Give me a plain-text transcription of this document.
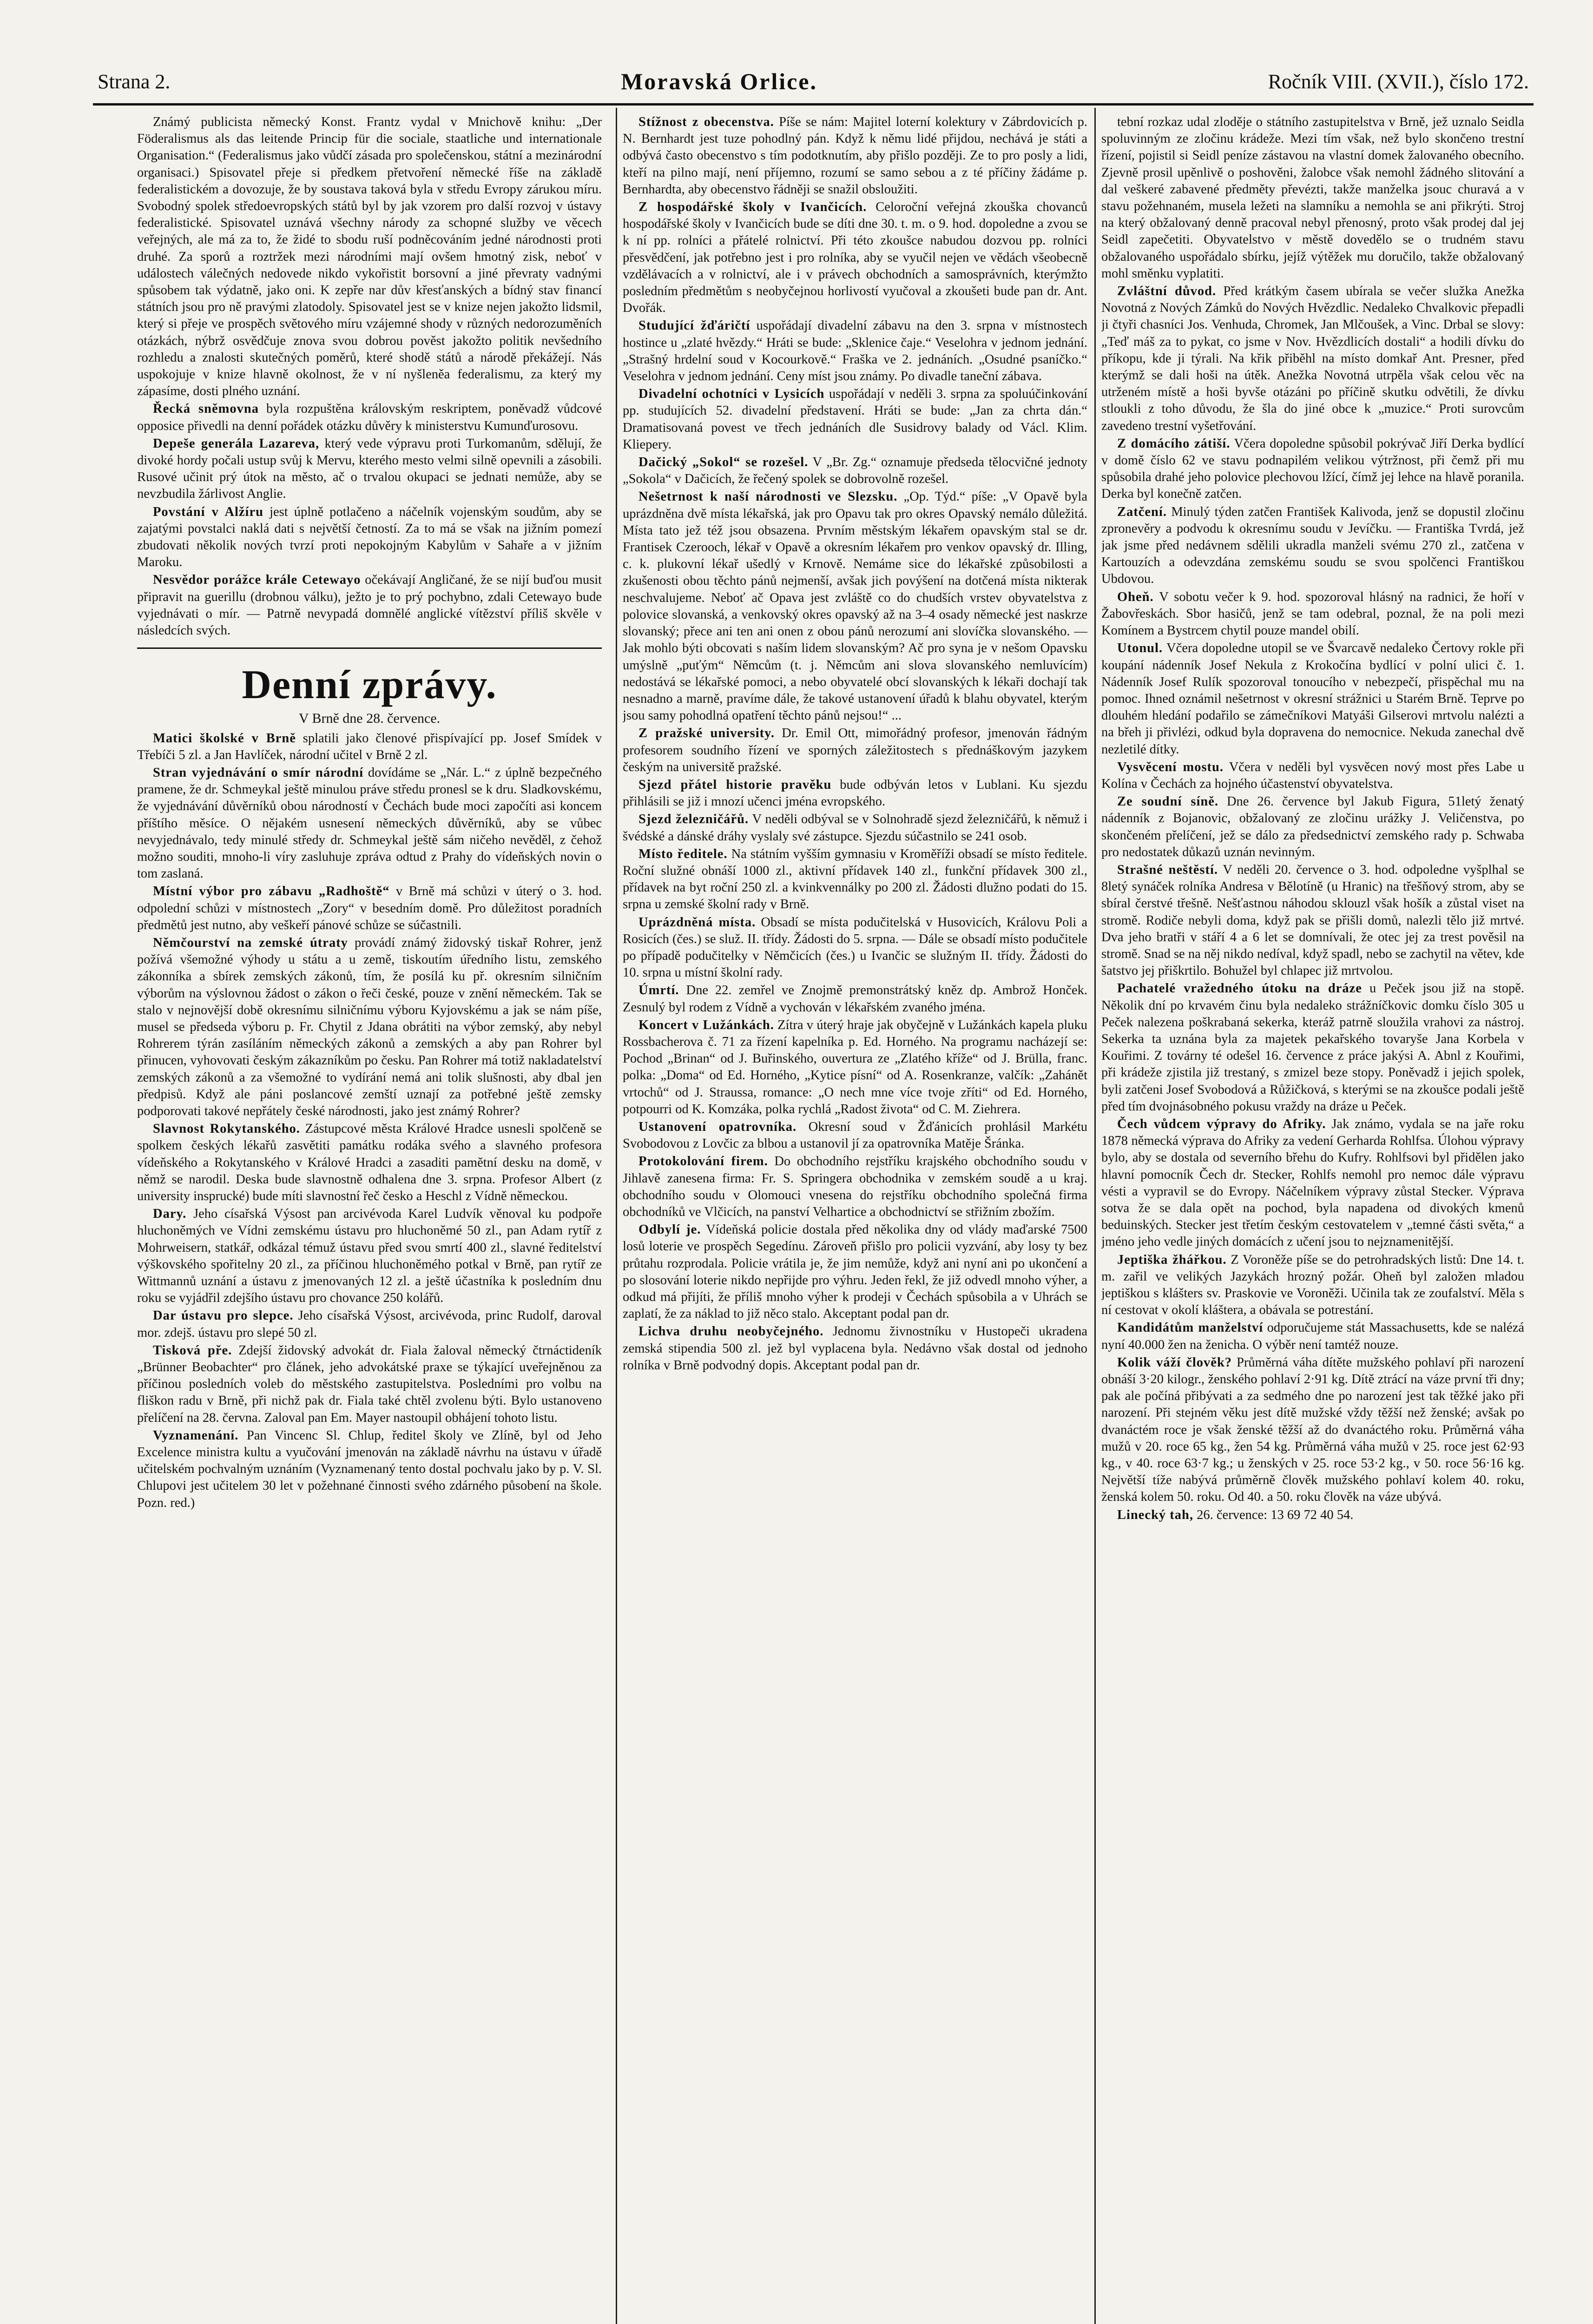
Strana 2.	Moravská Orlice.	Ročník VIII. (XVII.), číslo 172.

Známý publicista německý Konst. Frantz vydal v Mnichově knihu: „Der Föderalismus als das leitende Princip für die sociale, staatliche und internationale Organisation.“ (Federalismus jako vůdčí zásada pro společenskou, státní a mezinárodní organisaci.) Spisovatel přeje si předkem přetvoření německé říše na základě federalistickém a dovozuje, že by soustava taková byla v středu Evropy zárukou míru. Svobodný spolek středoevropských států byl by jak vzorem pro další rozvoj v ústavy federalistické. Spisovatel uznává všechny národy za schopné služby ve věcech veřejných, ale má za to, že židé to sbodu ruší podněcováním jedné národnosti proti druhé. Za sporů a roztržek mezi národními mají ovšem hmotný zisk, neboť v událostech válečných nedovede nikdo vykořistit borsovní a jiné převraty vadnými spůsobem tak výdatně, jako oni. K zepře nar dův křesťanských a bídný stav financí státních jsou pro ně pravými zlatodoly. Spisovatel jest se v knize nejen jakožto lidsmil, který si přeje ve prospěch světového míru vzájemné shody v různých nedorozuměních otázkách, nýbrž osvědčuje znova svou dobrou pověst jakožto politik nevšedního rozhledu a znalosti skutečných poměrů, které shodě států a národě překážejí. Nás uspokojuje v knize hlavně okolnost, že v ní nyšleněa federalismu, za který my zápasíme, dosti plného uznání.

Řecká sněmovna byla rozpuštěna královským reskriptem, poněvadž vůdcové opposice přivedli na denní pořádek otázku důvěry k ministerstvu Kumunďurosovu.

Depeše generála Lazareva, který vede výpravu proti Turkomanům, sdělují, že divoké hordy počali ustup svůj k Mervu, kterého mesto velmi silně opevnili a zásobili. Rusové učinit prý útok na město, ač o trvalou okupaci se jednati nemůže, aby se nevzbudila žárlivost Anglie.

Povstání v Alžíru jest úplně potlačeno a náčelník vojenským soudům, aby se zajatými povstalci naklá dati s největší četností. Za to má se však na jižním pomezí zbudovati několik nových tvrzí proti nepokojným Kabylům v Sahaře a v jižním Maroku.

Nesvědor porážce krále Cetewayo očekávají Angličané, že se nijí buďou musit připravit na guerillu (drobnou válku), ježto je to prý pochybno, zdali Cetewayo bude vyjednávati o mír. — Patrně nevypadá domnělé anglické vítězství příliš skvěle v následcích svých.

Denní zprávy.
V Brně dne 28. července.

Matici školské v Brně splatili jako členové přispívající pp. Josef Smídek v Třebíči 5 zl. a Jan Havlíček, národní učitel v Brně 2 zl.

Stran vyjednávání o smír národní dovídáme se „Nár. L.“ z úplně bezpečného pramene, že dr. Schmeykal ještě minulou práve středu pronesl se k dru. Sladkovskému, že vyjednávání důvěrníků obou národností v Čechách bude moci započíti asi koncem příštího měsíce. O nějakém usnesení německých důvěrníků, aby se vůbec nevyjednávalo, tedy minulé středy dr. Schmeykal ještě sám ničeho nevěděl, z čehož možno souditi, mnoho-li víry zasluhuje zpráva odtud z Prahy do vídeňských novin o tom zaslaná.

Místní výbor pro zábavu „Radhoště“ v Brně má schůzi v úterý o 3. hod. odpolední schůzi v místnostech „Zory“ v besedním domě. Pro důležitost poradních předmětů jest nutno, aby veškeří pánové schůze se súčastnili.

Němčourství na zemské útraty provádí známý židovský tiskař Rohrer, jenž požívá všemožné výhody u státu a u země, tiskoutím úředního listu, zemského zákonníka a sbírek zemských zákonů, tím, že posílá ku př. okresním silničním výborům na výslovnou žádost o zákon o řeči české, pouze v znění německém. Tak se stalo v nejnovější době okresnímu silničnímu výboru Kyjovskému a jak se nám píše, musel se předseda výboru p. Fr. Chytil z Jdana obrátiti na výbor zemský, aby nebyl Rohrerem týrán zasíláním německých zákonů a zemských a aby pan Rohrer byl přinucen, vyhovovati českým zákazníkům po česku. Pan Rohrer má totiž nakladatelství zemských zákonů a za všemožné to vydírání nemá ani tolik slušnosti, aby dbal jen předpisů. Když ale páni poslancové zemští uznají za potřebné ještě zemsky podporovati takové nepřátely české národnosti, jako jest známý Rohrer?

Slavnost Rokytanského. Zástupcové města Králové Hradce usnesli spolčeně se spolkem českých lékařů zasvětiti památku rodáka svého a slavného profesora vídeňského a Rokytanského v Králové Hradci a zasaditi pamětní desku na domě, v němž se narodil. Deska bude slavnostně odhalena dne 3. srpna. Profesor Albert (z university insprucké) bude míti slavnostní řeč česko a Heschl z Vídně německou.

Dary. Jeho císařská Výsost pan arcivévoda Karel Ludvík věnoval ku podpoře hluchoněmých ve Vídni zemskému ústavu pro hluchoněmé 50 zl., pan Adam rytíř z Mohrweisern, statkář, odkázal témuž ústavu před svou smrtí 400 zl., slavné ředitelství výškovského spořitelny 20 zl., za příčinou hluchoněmého potkal v Brně, pan rytíř ze Wittmannů uznání a ústavu z jmenovaných 12 zl. a ještě účastníka k posledním dnu roku se vyjádřil zdejšího ústavu pro chovance 250 kolářů.

Dar ústavu pro slepce. Jeho císařská Výsost, arcivévoda, princ Rudolf, daroval mor. zdejš. ústavu pro slepé 50 zl.

Tisková pře. Zdejší židovský advokát dr. Fiala žaloval německý čtrnáctideník „Brünner Beobachter“ pro článek, jeho advokátské praxe se týkající uveřejněnou za příčinou posledních voleb do městského zastupitelstva. Posledními pro volbu na fliškon radu v Brně, při nichž pak dr. Fiala také chtěl zvolenu býti. Bylo ustanoveno přelíčení na 28. června. Zaloval pan Em. Mayer nastoupil obhájení tohoto listu.

Vyznamenání. Pan Vincenc Sl. Chlup, ředitel školy ve Zlíně, byl od Jeho Excelence ministra kultu a vyučování jmenován na základě návrhu na ústavu v úřadě učitelském pochvalným uznáním (Vyznamenaný tento dostal pochvalu jako by p. V. Sl. Chlupovi jest učitelem 30 let v požehnané činnosti svého zdárného působení na škole. Pozn. red.)

Stížnost z obecenstva. Píše se nám: Majitel loterní kolektury v Zábrdovicích p. N. Bernhardt jest tuze pohodlný pán. Když k němu lidé přijdou, nechává je státi a odbývá často obecenstvo s tím podotknutím, aby přišlo později. Ze to pro posly a lidi, kteří na pilno mají, není příjemno, rozumí se samo sebou a z té příčiny žádáme p. Bernhardta, aby obecenstvo řádněji se snažil obsloužiti.

Z hospodářské školy v Ivančicích. Celoroční veřejná zkouška chovanců hospodářské školy v Ivančicích bude se díti dne 30. t. m. o 9. hod. dopoledne a zvou se k ní pp. rolníci a přátelé rolnictví. Při této zkoušce nabudou dozvou pp. rolníci přesvědčení, jak potřebno jest i pro rolníka, aby se vyučil nejen ve vědách všeobecně vzdělávacích a v rolnictví, ale i v právech obchodních a samosprávních, kterýmžto posledním předmětům s neobyčejnou horlivostí vyučoval a zkoušeti bude pan dr. Ant. Dvořák.

Studující žďáričtí uspořádají divadelní zábavu na den 3. srpna v místnostech hostince u „zlaté hvězdy.“ Hráti se bude: „Sklenice čaje.“ Veselohra v jednom jednání. „Strašný hrdelní soud v Kocourkově.“ Fraška ve 2. jednáních. „Osudné psaníčko.“ Veselohra v jednom jednání. Ceny míst jsou známy. Po divadle taneční zábava.

Divadelní ochotníci v Lysicích uspořádají v neděli 3. srpna za spoluúčinkování pp. studujících 52. divadelní představení. Hráti se bude: „Jan za chrta dán.“ Dramatisovaná povest ve třech jednáních dle Susidrovy balady od Václ. Klim. Kliepery.

Dačický „Sokol“ se rozešel. V „Br. Zg.“ oznamuje předseda tělocvičné jednoty „Sokola“ v Dačicích, že řečený spolek se dobrovolně rozešel.

Nešetrnost k naší národnosti ve Slezsku. „Op. Týd.“ píše: „V Opavě byla uprázdněna dvě místa lékařská, jak pro Opavu tak pro okres Opavský nemálo důležitá. Místa tato jež též jsou obsazena. Prvním městským lékařem opavským stal se dr. Frantisek Czerooch, lékař v Opavě a okresním lékařem pro venkov opavský dr. Illing, c. k. plukovní lékař ušedlý v Krnově. Nemáme sice do lékařské způsobilosti a zkušenosti obou těchto pánů nejmenší, avšak jich povýšení na dotčená místa nikterak neschvalujeme. Neboť ač Opava jest zvláště co do chudších vrstev obyvatelstva z polovice slovanská, a venkovský okres opavský až na 3–4 osady německé jest naskrze slovanský; přece ani ten ani onen z obou pánů nerozumí ani slovíčka slovanského. — Jak mohlo býti obcovati s naším lidem slovanským? Ač pro syna je v nešom Opavsku umýslně „puťým“ Němcům (t. j. Němcům ani slova slovanského nemluvícím) nedostává se lékařské pomoci, a nebo obyvatelé obcí slovanských k lékaři dochají tak nesnadno a marně, pravíme dále, že takové ustanovení úřadů k blahu obyvatel, kterým jsou samy pohodlná opatření těchto pánů nejsou!“ ...

Z pražské university. Dr. Emil Ott, mimořádný profesor, jmenován řádným profesorem soudního řízení ve sporných záležitostech s přednáškovým jazykem českým na universitě pražské.

Sjezd přátel historie pravěku bude odbýván letos v Lublani. Ku sjezdu přihlásili se již i mnozí učenci jména evropského.

Sjezd železničářů. V neděli odbýval se v Solnohradě sjezd železničářů, k němuž i švédské a dánské dráhy vyslaly své zástupce. Sjezdu súčastnilo se 241 osob.

Místo ředitele. Na státním vyšším gymnasiu v Kroměříži obsadí se místo ředitele. Roční služné obnáší 1000 zl., aktivní přídavek 140 zl., funkční přídavek 300 zl., přídavek na byt roční 250 zl. a kvinkvennálky po 200 zl. Žádosti dlužno podati do 15. srpna u zemské školní rady v Brně.

Uprázdněná místa. Obsadí se místa podučitelská v Husovicích, Královu Poli a Rosicích (čes.) se služ. II. třídy. Žádosti do 5. srpna. — Dále se obsadí místo podučitele po případě podučitelky v Němčicích (čes.) u Ivančic se služným II. třídy. Žádosti do 10. srpna u místní školní rady.

Úmrtí. Dne 22. zemřel ve Znojmě premonstrátský kněz dp. Ambrož Honček. Zesnulý byl rodem z Vídně a vychován v lékařském zvaného jména.

Koncert v Lužánkách. Zítra v úterý hraje jak obyčejně v Lužánkách kapela pluku Rossbacherova č. 71 za řízení kapelníka p. Ed. Horného. Na programu nacházejí se: Pochod „Brinan“ od J. Buřinského, ouvertura ze „Zlatého kříže“ od J. Brüllа, franc. polka: „Doma“ od Ed. Horného, „Kytice písní“ od A. Rosenkranze, valčík: „Zahánět vrtochů“ od J. Straussa, romance: „O nech mne více tvoje zříti“ od Ed. Horného, potpourri od K. Komzáka, polka rychlá „Radost života“ od C. M. Ziehrera.

Ustanovení opatrovníka. Okresní soud v Žďánicích prohlásil Markétu Svobodovou z Lovčic za blbou a ustanovil jí za opatrovníka Matěje Šránka.

Protokolování firem. Do obchodního rejstříku krajského obchodního soudu v Jihlavě zanesena firma: Fr. S. Springera obchodnika v zemském soudě a u kraj. obchodního soudu v Olomouci vnesena do rejstříku obchodního společná firma obchodníků ve Vlčicích, na panství Velhartice a obchodnictví se střižním zbožím.

Odbylí je. Vídeňská policie dostala před několika dny od vlády maďarské 7500 losů loterie ve prospěch Segedínu. Zároveň přišlo pro policii vyzvání, aby losy ty bez průtahu rozprodala. Policie vrátila je, že jim nemůže, když ani nyní ani po ukončení a po slosování loterie nikdo nepřijde pro výhru. Jeden řekl, že již odvedl mnoho výher, a odkud má přijíti, že příliš mnoho výher k prodeji v Čechách spůsobila a v Uhrách se zaplatí, že za náklad to již něco stalo. Akceptant podal pan dr.

Lichva druhu neobyčejného. Jednomu živnostníku v Hustopeči ukradena zemská stipendia 500 zl. jež byl vyplacena byla. Nedávno však dostal od jednoho rolníka v Brně podvodný dopis. Akceptant podal pan dr.

tební rozkaz udal zloděje o státního zastupitelstva v Brně, jež uznalo Seidla spoluvinným ze zločinu krádeže. Mezi tím však, než bylo skončeno trestní řízení, pojistil si Seidl peníze zástavou na vlastní domek žalovaného obecního. Zjevně prosil upěnlivě o poshověni, žalobce však nemohl žádného slitování a dal veškeré zabavené předměty převézti, takže manželka jsouc churavá a v stavu požehnaném, musela ležeti na slamníku a nemohla se ani přikrýti. Stroj na který obžalovaný denně pracoval nebyl přenosný, proto však prodej dal jej Seidl zapečetiti. Obyvatelstvo v městě dovedělo se o trudném stavu obžalovaného uspořádalo sbírku, jejíž výtěžek mu doručilo, takže obžalovaný mohl směnku vyplatiti.

Zvláštní důvod. Před krátkým časem ubírala se večer služka Anežka Novotná z Nových Zámků do Nových Hvězdlic. Nedaleko Chvalkovic přepadli ji čtyři chasníci Jos. Venhuda, Chromek, Jan Mlčoušek, a Vinc. Drbal se slovy: „Teď máš za to pykat, co jsme v Nov. Hvězdlicích dostali“ a hodili dívku do příkopu, kde ji týrali. Na křik přiběhl na místo domkař Ant. Presner, před kterýmž se dali hoši na útěk. Anežka Novotná utrpěla však celou věc na utrženém místě a hoši byvše otázáni po příčině skutku odvětili, že dívku stloukli z toho důvodu, že šla do jiné obce k „muzice.“ Proti surovcům zavedeno trestní vyšetřování.

Z domácího zátiší. Včera dopoledne spůsobil pokrývač Jiří Derka bydlící v domě číslo 62 ve stavu podnapilém velikou výtržnost, při čemž při mu spůsobila drahé jeho polovice plechovou lžící, čímž jej lehce na hlavě poranila. Derka byl konečně zatčen.

Zatčení. Minulý týden zatčen František Kalivoda, jenž se dopustil zločinu zpronevěry a podvodu k okresnímu soudu v Jevíčku. — Františka Tvrdá, jež jak jsme před nedávnem sdělili ukradla manželi svému 270 zl., zatčena v Kartouzích a odevzdána zemskému soudu se svou spolčenci Františkou Ubdovou.

Oheň. V sobotu večer k 9. hod. spozoroval hlásný na radnici, že hoří v Žabovřeskách. Sbor hasičů, jenž se tam odebral, poznal, že na poli mezi Komínem a Bystrcem chytil pouze mandel obilí.

Utonul. Včera dopoledne utopil se ve Švarcavě nedaleko Čertovy rokle při koupání nádenník Josef Nekula z Krokočína bydlící v polní ulici č. 1. Nádenník Josef Rulík spozoroval tonoucího v nebezpečí, přispěchal mu na pomoc. Ihned oznámil nešetrnost v okresní strážnici u Starém Brně. Teprve po dlouhém hledání podařilo se zámečníkovi Matyáši Gilserovi mrtvolu nalézti a na břeh ji přivlézi, odkud byla dopravena do nemocnice. Nekuda zanechal dvě nezletilé dítky.

Vysvěcení mostu. Včera v neděli byl vysvěcen nový most přes Labe u Kolína v Čechách za hojného účastenství obyvatelstva.

Ze soudní síně. Dne 26. července byl Jakub Figura, 51letý ženatý nádenník z Bojanovic, obžalovaný ze zločinu urážky J. Veličenstva, po skončeném přelíčení, jež se dálo za předsednictví zemského rady p. Schwaba pro nedostatek důkazů uznán nevinným.

Strašné neštěstí. V neděli 20. července o 3. hod. odpoledne vyšplhal se 8letý synáček rolníka Andresa v Bělotíně (u Hranic) na třešňový strom, aby se sbíral čerstvé třešně. Nešťastnou náhodou sklouzl však hošík a zůstal viset na stromě. Rodiče nebyli doma, když pak se přišli domů, nalezli tělo již mrtvé. Dva jeho bratři v stáří 4 a 6 let se domnívali, že otec jej za trest pověsil na stromě. Snad se na něj nikdo nedíval, když spadl, nebo se zachytil na větev, kde šatstvo jej přiškrtilo. Bohužel byl chlapec již mrtvolou.

Pachatelé vražedného útoku na dráze u Peček jsou již na stopě. Několik dní po krvavém činu byla nedaleko strážníčkovic domku číslo 305 u Peček nalezena poškrabaná sekerka, kteráž patrně sloužila vrahovi za nástroj. Sekerka ta uznána byla za majetek pekařského tovaryše Jana Korbela v Kouřimi. Z továrny té odešel 16. července z práce jakýsi A. Abnl z Kouřimi, při krádeže zjistila již trestaný, s zmizel beze stopy. Poněvadž i jejich spolek, byli zatčeni Josef Svobodová a Růžičková, s kterými se na zkoušce podali ještě před tím dvojnásobného pokusu vraždy na dráze u Peček.

Čech vůdcem výpravy do Afriky. Jak známo, vydala se na jaře roku 1878 německá výprava do Afriky za vedení Gerharda Rohlfsa. Úlohou výpravy bylo, aby se dostala od severního břehu do Kufry. Rohlfsovi byl přidělen jako hlavní pomocník Čech dr. Stecker, Rohlfs nemohl pro nemoc dále výpravu vésti a vypravil se do Evropy. Náčelníkem výpravy zůstal Stecker. Výprava sotva že se dala opět na pochod, byla napadena od divokých kmenů beduinských. Stecker jest třetím českým cestovatelem v „temné části světa,“ a jméno jeho vedle jiných domácích z učení jsou to nejznamenitější.

Jeptiška žhářkou. Z Voroněže píše se do petrohradských listů: Dne 14. t. m. zařil ve velikých Jazykách hrozný požár. Oheň byl založen mladou jeptiškou s klášters sv. Praskovie ve Voroněži. Učinila tak ze zoufalství. Měla s ní cestovat v okolí kláštera, a obávala se potrestání.

Kandidátům manželství odporučujeme stát Massachusetts, kde se nalézá nyní 40.000 žen na ženicha. O výběr není tamtéž nouze.

Kolik váží člověk? Průměrná váha dítěte mužského pohlaví při narození obnáší 3·20 kilogr., ženského pohlaví 2·91 kg. Dítě ztrácí na váze první tři dny; pak ale počíná přibývati a za sedmého dne po narození jest tak těžké jako při narození. Při stejném věku jest dítě mužské vždy těžší než ženské; avšak po dvanáctém roce je však ženské těžší až do dvanáctého roku. Průměrná váha mužů v 20. roce 65 kg., žen 54 kg. Průměrná váha mužů v 25. roce jest 62·93 kg., v 40. roce 63·7 kg.; u ženských v 25. roce 53·2 kg., v 50. roce 56·16 kg. Největší tíže nabývá průměrně člověk mužského pohlaví kolem 40. roku, ženská kolem 50. roku. Od 40. a 50. roku člověk na váze ubývá.

Linecký tah, 26. července: 13 69 72 40 54.
